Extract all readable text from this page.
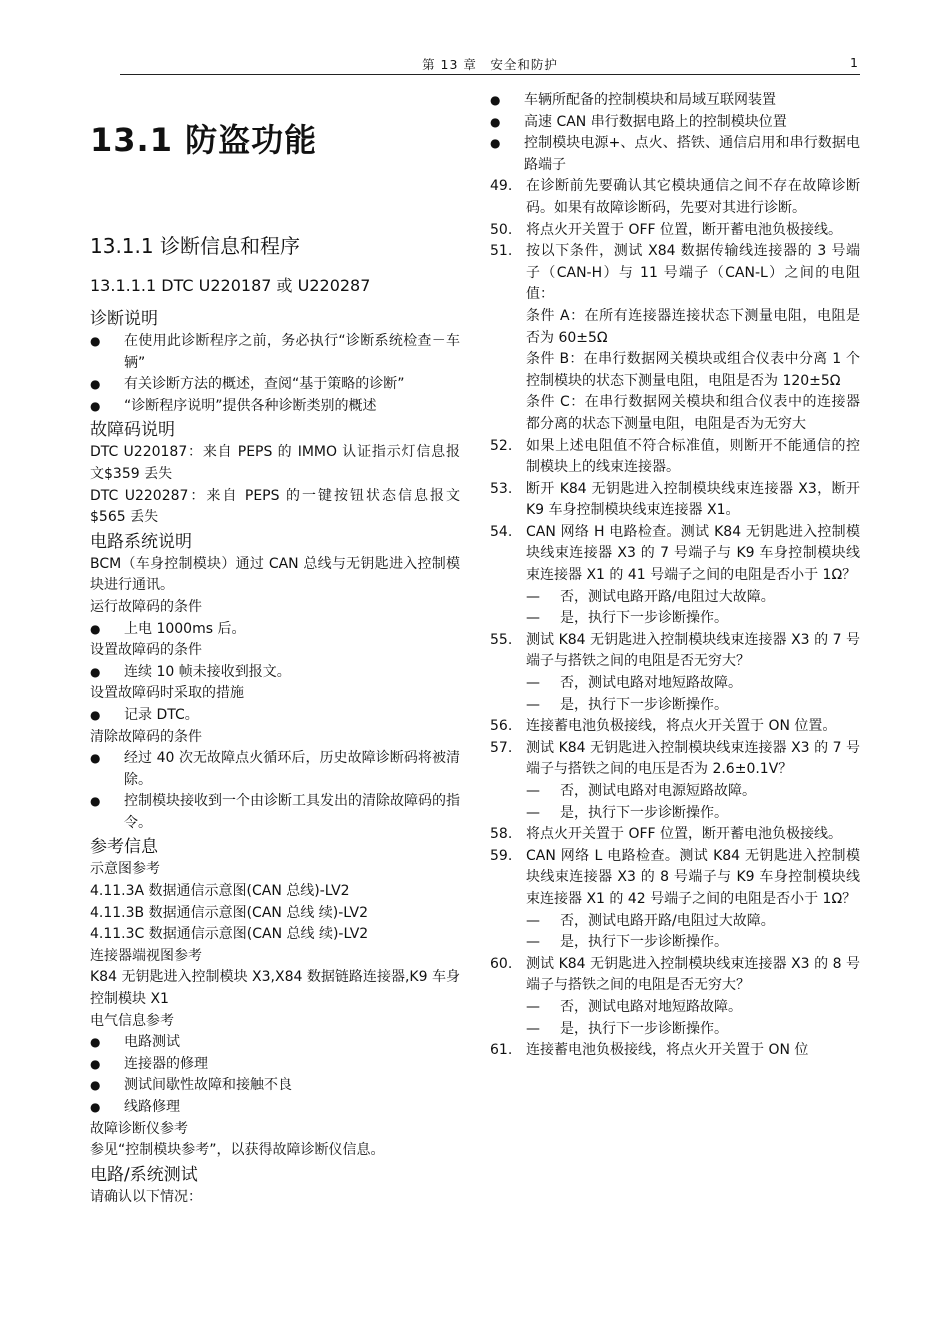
第 13 章　安全和防护	1
13.1 防盗功能
13.1.1 诊断信息和程序
13.1.1.1 DTC U220187 或 U220287
诊断说明

● 在使用此诊断程序之前，务必执行“诊断系统检查－车辆”

● 有关诊断方法的概述，查阅“基于策略的诊断”

● “诊断程序说明”提供各种诊断类别的概述

故障码说明

DTC U220187：来自 PEPS 的 IMMO 认证指示灯信息报文$359 丢失

DTC U220287：来自 PEPS 的一键按钮状态信息报文$565 丢失

电路系统说明

BCM（车身控制模块）通过 CAN 总线与无钥匙进入控制模块进行通讯。

运行故障码的条件

● 上电 1000ms 后。

设置故障码的条件

● 连续 10 帧未接收到报文。

设置故障码时采取的措施

● 记录 DTC。

清除故障码的条件

● 经过 40 次无故障点火循环后，历史故障诊断码将被清除。

● 控制模块接收到一个由诊断工具发出的清除故障码的指令。

参考信息

示意图参考

4.11.3A 数据通信示意图(CAN 总线)-LV2

4.11.3B 数据通信示意图(CAN 总线 续)-LV2

4.11.3C 数据通信示意图(CAN 总线 续)-LV2

连接器端视图参考

K84 无钥匙进入控制模块 X3,X84 数据链路连接器,K9 车身控制模块 X1

电气信息参考

● 电路测试

● 连接器的修理

● 测试间歇性故障和接触不良

● 线路修理

故障诊断仪参考

参见“控制模块参考”，以获得故障诊断仪信息。

电路/系统测试

请确认以下情况：

● 车辆所配备的控制模块和局域互联网装置

● 高速 CAN 串行数据电路上的控制模块位置

● 控制模块电源+、点火、搭铁、通信启用和串行数据电路端子

49. 在诊断前先要确认其它模块通信之间不存在故障诊断码。如果有故障诊断码，先要对其进行诊断。
50. 将点火开关置于 OFF 位置，断开蓄电池负极接线。
51. 按以下条件，测试 X84 数据传输线连接器的 3 号端子（CAN-H）与 11 号端子（CAN-L）之间的电阻值：
条件 A：在所有连接器连接状态下测量电阻，电阻是否为 60±5Ω
条件 B：在串行数据网关模块或组合仪表中分离 1 个控制模块的状态下测量电阻，电阻是否为 120±5Ω
条件 C：在串行数据网关模块和组合仪表中的连接器都分离的状态下测量电阻，电阻是否为无穷大
52. 如果上述电阻值不符合标准值，则断开不能通信的控制模块上的线束连接器。
53. 断开 K84 无钥匙进入控制模块线束连接器 X3，断开 K9 车身控制模块线束连接器 X1。
54. CAN 网络 H 电路检查。测试 K84 无钥匙进入控制模块线束连接器 X3 的 7 号端子与 K9 车身控制模块线束连接器 X1 的 41 号端子之间的电阻是否小于 1Ω？

— 否，测试电路开路/电阻过大故障。

— 是，执行下一步诊断操作。

55. 测试 K84 无钥匙进入控制模块线束连接器 X3 的 7 号端子与搭铁之间的电阻是否无穷大？

— 否，测试电路对地短路故障。

— 是，执行下一步诊断操作。

56. 连接蓄电池负极接线，将点火开关置于 ON 位置。
57. 测试 K84 无钥匙进入控制模块线束连接器 X3 的 7 号端子与搭铁之间的电压是否为 2.6±0.1V？

— 否，测试电路对电源短路故障。

— 是，执行下一步诊断操作。

58. 将点火开关置于 OFF 位置，断开蓄电池负极接线。
59. CAN 网络 L 电路检查。测试 K84 无钥匙进入控制模块线束连接器 X3 的 8 号端子与 K9 车身控制模块线束连接器 X1 的 42 号端子之间的电阻是否小于 1Ω？

— 否，测试电路开路/电阻过大故障。

— 是，执行下一步诊断操作。

60. 测试 K84 无钥匙进入控制模块线束连接器 X3 的 8 号端子与搭铁之间的电阻是否无穷大？

— 否，测试电路对地短路故障。

— 是，执行下一步诊断操作。

61. 连接蓄电池负极接线，将点火开关置于 ON 位
